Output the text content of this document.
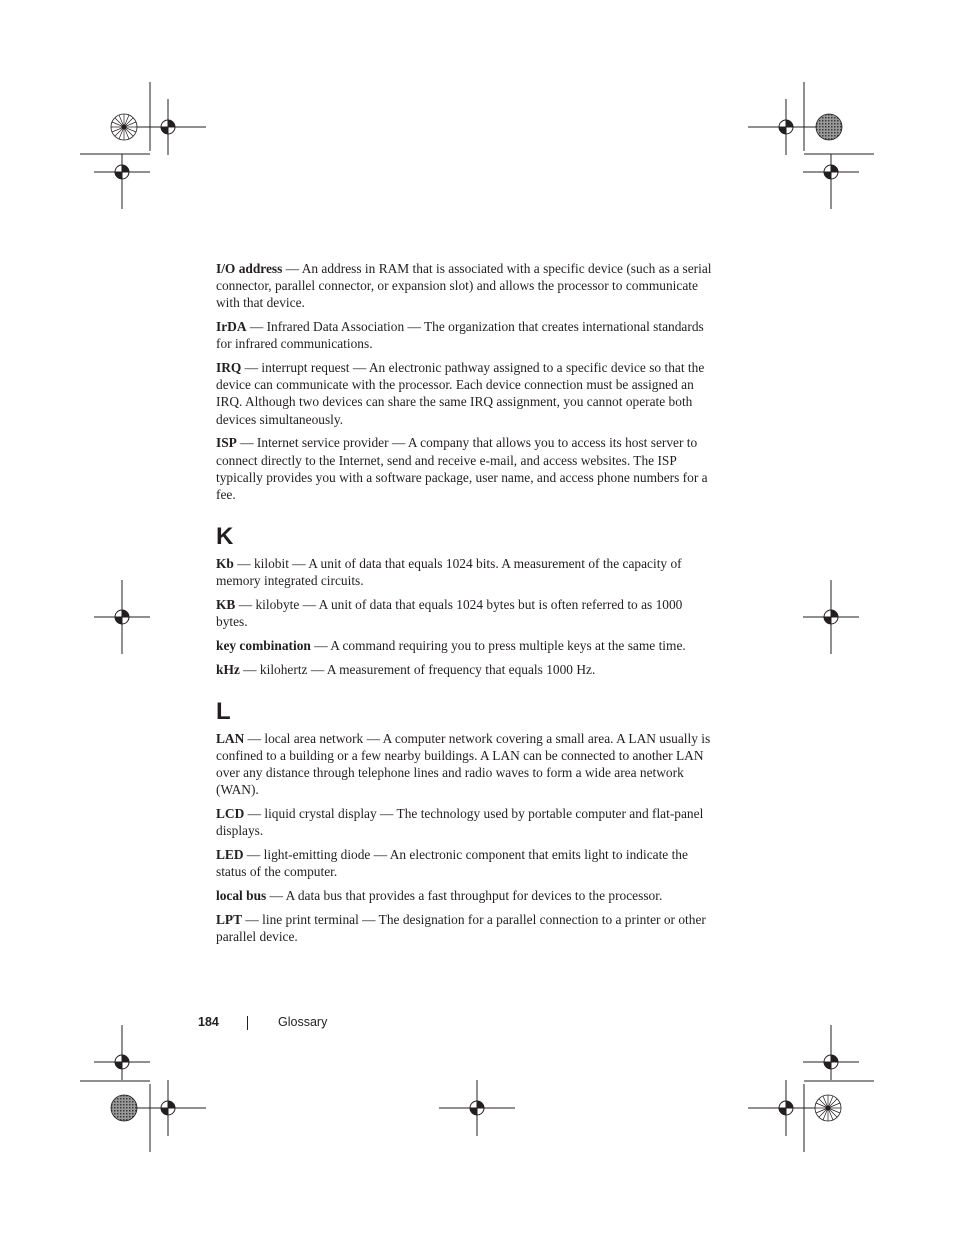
I/O address — An address in RAM that is associated with a specific device (such as a serial connector, parallel connector, or expansion slot) and allows the processor to communicate with that device.

IrDA — Infrared Data Association — The organization that creates international standards for infrared communications.

IRQ — interrupt request — An electronic pathway assigned to a specific device so that the device can communicate with the processor. Each device connection must be assigned an IRQ. Although two devices can share the same IRQ assignment, you cannot operate both devices simultaneously.

ISP — Internet service provider — A company that allows you to access its host server to connect directly to the Internet, send and receive e-mail, and access websites. The ISP typically provides you with a software package, user name, and access phone numbers for a fee.

K

Kb — kilobit — A unit of data that equals 1024 bits. A measurement of the capacity of memory integrated circuits.

KB — kilobyte — A unit of data that equals 1024 bytes but is often referred to as 1000 bytes.

key combination — A command requiring you to press multiple keys at the same time.

kHz — kilohertz — A measurement of frequency that equals 1000 Hz.

L

LAN — local area network — A computer network covering a small area. A LAN usually is confined to a building or a few nearby buildings. A LAN can be connected to another LAN over any distance through telephone lines and radio waves to form a wide area network (WAN).

LCD — liquid crystal display — The technology used by portable computer and flat-panel displays.

LED — light-emitting diode — An electronic component that emits light to indicate the status of the computer.

local bus — A data bus that provides a fast throughput for devices to the processor.

LPT — line print terminal — The designation for a parallel connection to a printer or other parallel device.

184	Glossary
